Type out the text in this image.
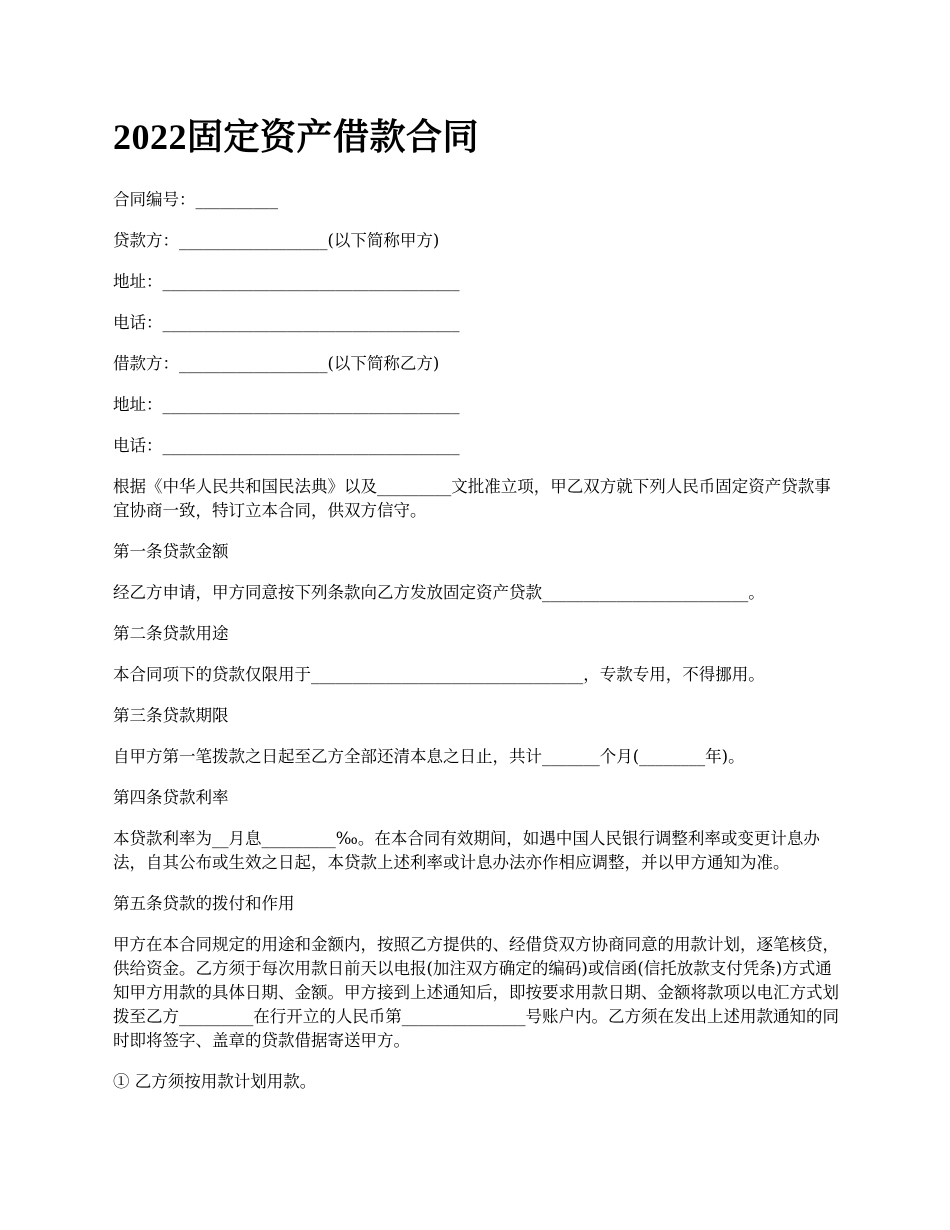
2022固定资产借款合同

合同编号：__________

贷款方：__________________(以下简称甲方)

地址：____________________________________

电话：____________________________________

借款方：__________________(以下简称乙方)

地址：____________________________________

电话：____________________________________

根据《中华人民共和国民法典》以及_________文批准立项，甲乙双方就下列人民币固定资产贷款事宜协商一致，特订立本合同，供双方信守。

第一条贷款金额

经乙方申请，甲方同意按下列条款向乙方发放固定资产贷款_________________________。

第二条贷款用途

本合同项下的贷款仅限用于_________________________________，专款专用，不得挪用。

第三条贷款期限

自甲方第一笔拨款之日起至乙方全部还清本息之日止，共计_______个月(________年)。

第四条贷款利率

本贷款利率为__月息_________‰。在本合同有效期间，如遇中国人民银行调整利率或变更计息办法，自其公布或生效之日起，本贷款上述利率或计息办法亦作相应调整，并以甲方通知为准。

第五条贷款的拨付和作用

甲方在本合同规定的用途和金额内，按照乙方提供的、经借贷双方协商同意的用款计划，逐笔核贷，供给资金。乙方须于每次用款日前天以电报(加注双方确定的编码)或信函(信托放款支付凭条)方式通知甲方用款的具体日期、金额。甲方接到上述通知后，即按要求用款日期、金额将款项以电汇方式划拨至乙方_________在行开立的人民币第_______________号账户内。乙方须在发出上述用款通知的同时即将签字、盖章的贷款借据寄送甲方。

① 乙方须按用款计划用款。
